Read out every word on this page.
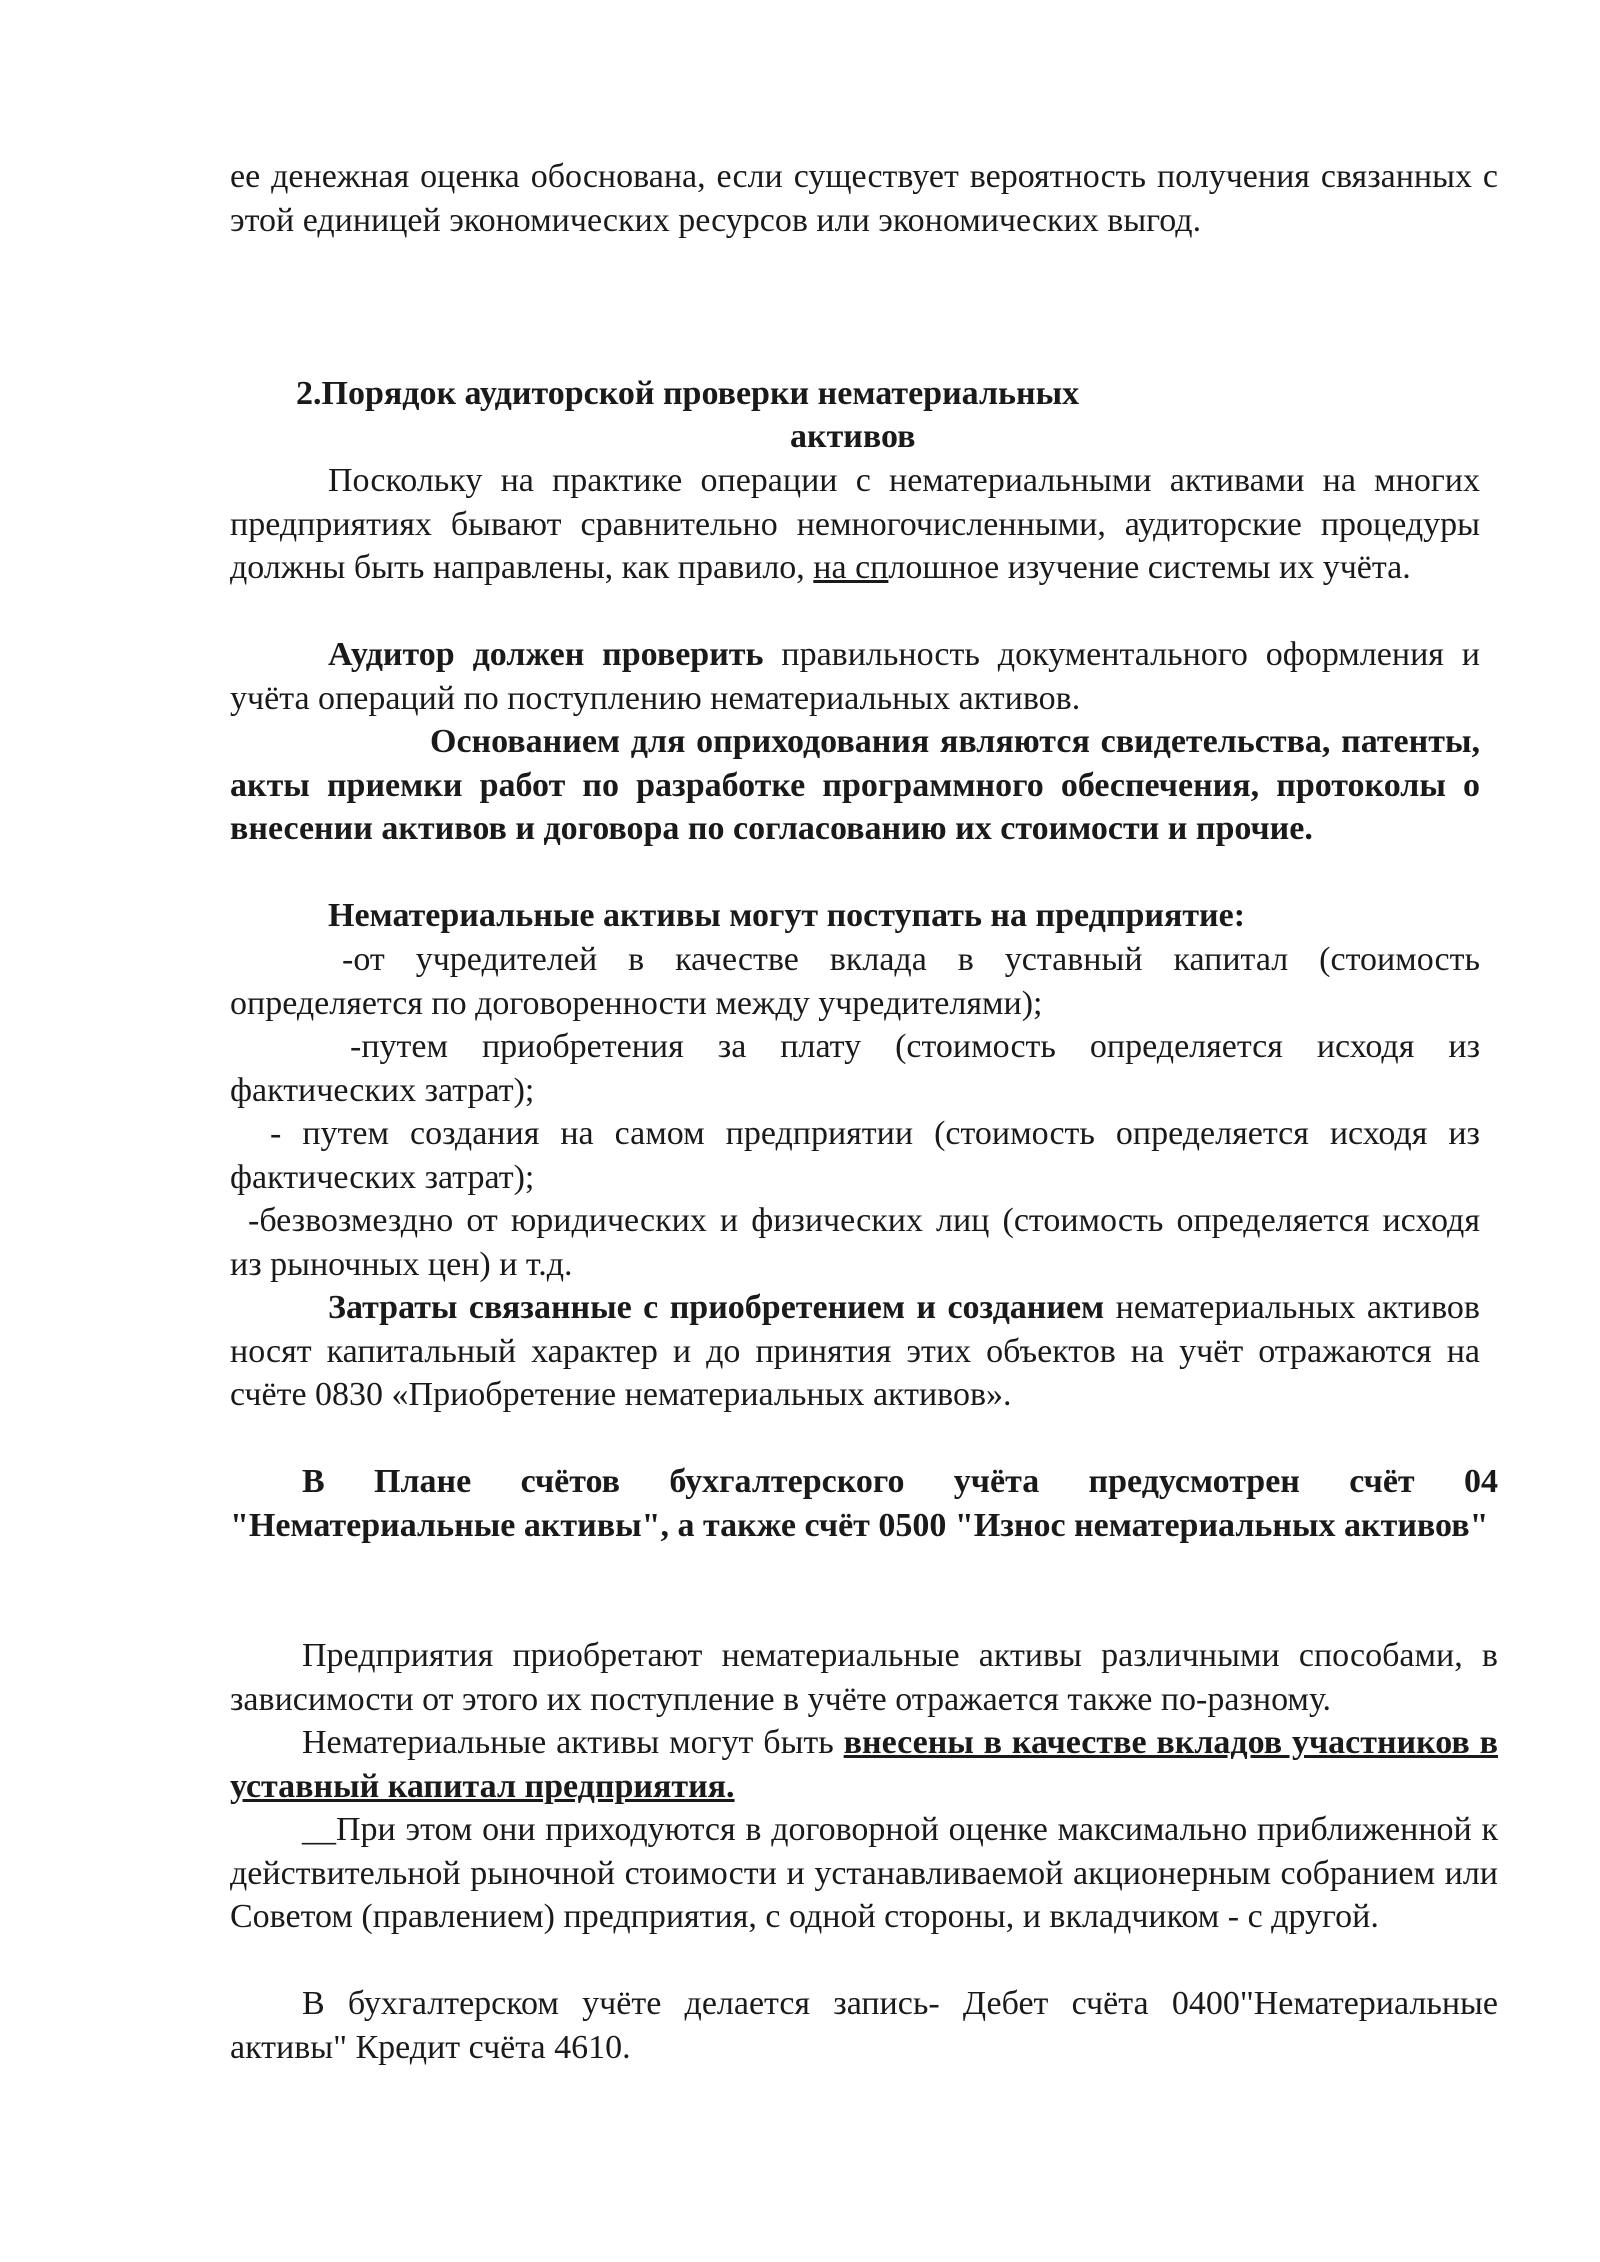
ее денежная оценка обоснована, если существует вероятность получения связанных с этой единицей экономических ресурсов или экономических выгод.

2.Порядок аудиторской проверки нематериальных

активов

Поскольку на практике операции с нематериальными активами на многих предприятиях бывают сравнительно немногочисленными, аудиторские процедуры должны быть направлены, как правило, на сплошное изучение системы их учёта.

Аудитор должен проверить правильность документального оформления и учёта операций по поступлению нематериальных активов.

Основанием для оприходования являются свидетельства, патенты, акты приемки работ по разработке программного обеспечения, протоколы о внесении активов и договора по согласованию их стоимости и прочие.

Нематериальные активы могут поступать на предприятие:

-от учредителей в качестве вклада в уставный капитал (стоимость определяется по договоренности между учредителями);

-путем приобретения за плату (стоимость определяется исходя из фактических затрат);

- путем создания на самом предприятии (стоимость определяется исходя из фактических затрат);

-безвозмездно от юридических и физических лиц (стоимость определяется исходя из рыночных цен) и т.д.

Затраты связанные с приобретением и созданием нематериальных активов носят капитальный характер и до принятия этих объектов на учёт отражаются на счёте 0830 «Приобретение нематериальных активов».

В Плане счётов бухгалтерского учёта предусмотрен счёт 04 "Нематериальные активы", а также счёт 0500 "Износ нематериальных активов"

Предприятия приобретают нематериальные активы различными способами, в зависимости от этого их поступление в учёте отражается также по-разному.

Нематериальные активы могут быть внесены в качестве вкладов участников в уставный капитал предприятия.

__При этом они приходуются в договорной оценке максимально приближенной к действительной рыночной стоимости и устанавливаемой акционерным собранием или Советом (правлением) предприятия, с одной стороны, и вкладчиком - с другой.

В бухгалтерском учёте делается запись- Дебет счёта 0400"Нематериальные активы" Кредит счёта 4610.
